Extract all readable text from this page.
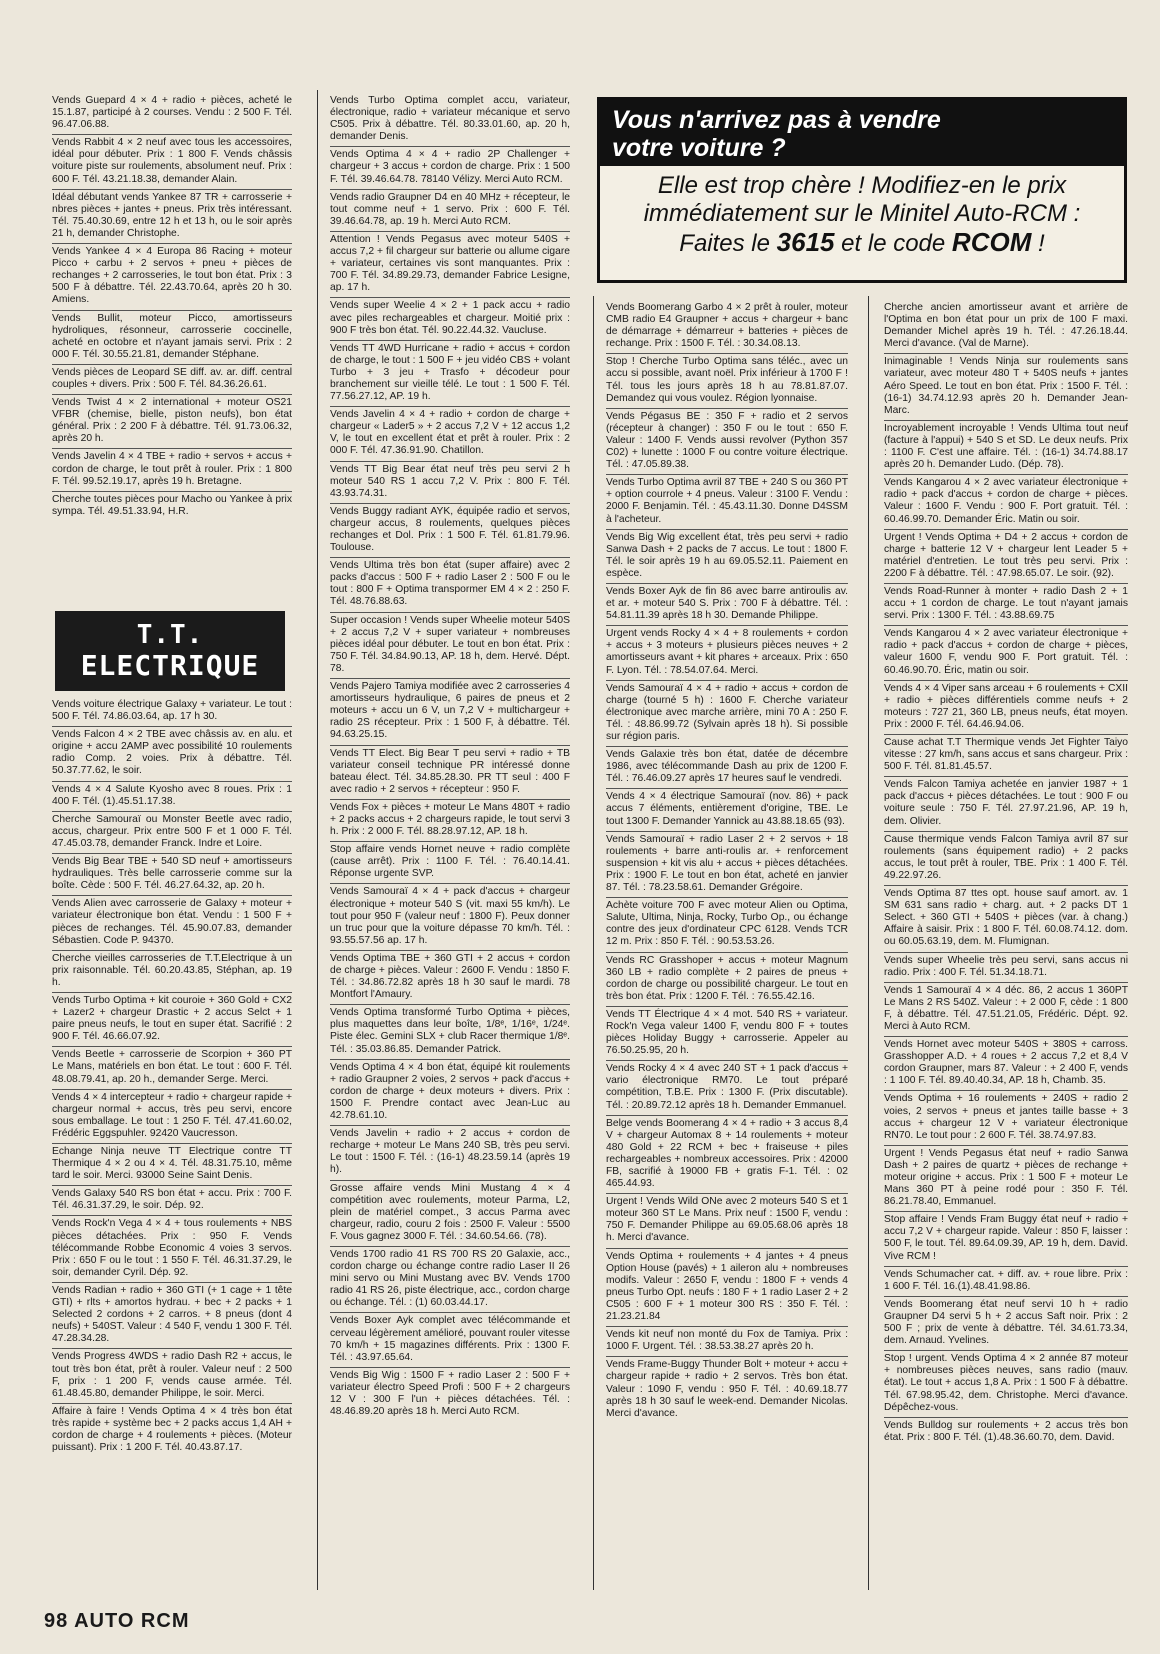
Vends Guepard 4 × 4 + radio + pièces, acheté le 15.1.87, participé à 2 courses. Vendu : 2 500 F. Tél. 96.47.06.88.

Vends Rabbit 4 × 2 neuf avec tous les accessoires, idéal pour débuter. Prix : 1 800 F. Vends châssis voiture piste sur roulements, absolument neuf. Prix : 600 F. Tél. 43.21.18.38, demander Alain.

Idéal débutant vends Yankee 87 TR + carrosserie + nbres pièces + jantes + pneus. Prix très intéressant. Tél. 75.40.30.69, entre 12 h et 13 h, ou le soir après 21 h, demander Christophe.

Vends Yankee 4 × 4 Europa 86 Racing + moteur Picco + carbu + 2 servos + pneu + pièces de rechanges + 2 carrosseries, le tout bon état. Prix : 3 500 F à débattre. Tél. 22.43.70.64, après 20 h 30. Amiens.

Vends Bullit, moteur Picco, amortisseurs hydroliques, résonneur, carrosserie coccinelle, acheté en octobre et n'ayant jamais servi. Prix : 2 000 F. Tél. 30.55.21.81, demander Stéphane.

Vends pièces de Leopard SE diff. av. ar. diff. central couples + divers. Prix : 500 F. Tél. 84.36.26.61.

Vends Twist 4 × 2 international + moteur OS21 VFBR (chemise, bielle, piston neufs), bon état général. Prix : 2 200 F à débattre. Tél. 91.73.06.32, après 20 h.

Vends Javelin 4 × 4 TBE + radio + servos + accus + cordon de charge, le tout prêt à rouler. Prix : 1 800 F. Tél. 99.52.19.17, après 19 h. Bretagne.

Cherche toutes pièces pour Macho ou Yankee à prix sympa. Tél. 49.51.33.94, H.R.

T.T.
ELECTRIQUE

Vends voiture électrique Galaxy + variateur. Le tout : 500 F. Tél. 74.86.03.64, ap. 17 h 30.

Vends Falcon 4 × 2 TBE avec châssis av. en alu. et origine + accu 2AMP avec possibilité 10 roulements radio Comp. 2 voies. Prix à débattre. Tél. 50.37.77.62, le soir.

Vends 4 × 4 Salute Kyosho avec 8 roues. Prix : 1 400 F. Tél. (1).45.51.17.38.

Cherche Samouraï ou Monster Beetle avec radio, accus, chargeur. Prix entre 500 F et 1 000 F. Tél. 47.45.03.78, demander Franck. Indre et Loire.

Vends Big Bear TBE + 540 SD neuf + amortisseurs hydrauliques. Très belle carrosserie comme sur la boîte. Cède : 500 F. Tél. 46.27.64.32, ap. 20 h.

Vends Alien avec carrosserie de Galaxy + moteur + variateur électronique bon état. Vendu : 1 500 F + pièces de rechanges. Tél. 45.90.07.83, demander Sébastien. Code P. 94370.

Cherche vieilles carrosseries de T.T.Electrique à un prix raisonnable. Tél. 60.20.43.85, Stéphan, ap. 19 h.

Vends Turbo Optima + kit couroie + 360 Gold + CX2 + Lazer2 + chargeur Drastic + 2 accus Selct + 1 paire pneus neufs, le tout en super état. Sacrifié : 2 900 F. Tél. 46.66.07.92.

Vends Beetle + carrosserie de Scorpion + 360 PT Le Mans, matériels en bon état. Le tout : 600 F. Tél. 48.08.79.41, ap. 20 h., demander Serge. Merci.

Vends 4 × 4 intercepteur + radio + chargeur rapide + chargeur normal + accus, très peu servi, encore sous emballage. Le tout : 1 250 F. Tél. 47.41.60.02, Frédéric Eggspuhler. 92420 Vaucresson.

Echange Ninja neuve TT Electrique contre TT Thermique 4 × 2 ou 4 × 4. Tél. 48.31.75.10, même tard le soir. Merci. 93000 Seine Saint Denis.

Vends Galaxy 540 RS bon état + accu. Prix : 700 F. Tél. 46.31.37.29, le soir. Dép. 92.

Vends Rock'n Vega 4 × 4 + tous roulements + NBS pièces détachées. Prix : 950 F. Vends télécommande Robbe Economic 4 voies 3 servos. Prix : 650 F ou le tout : 1 550 F. Tél. 46.31.37.29, le soir, demander Cyril. Dép. 92.

Vends Radian + radio + 360 GTI (+ 1 cage + 1 tête GTI) + rlts + amortos hydrau. + bec + 2 packs + 1 Selected 2 cordons + 2 carros. + 8 pneus (dont 4 neufs) + 540ST. Valeur : 4 540 F, vendu 1 300 F. Tél. 47.28.34.28.

Vends Progress 4WDS + radio Dash R2 + accus, le tout très bon état, prêt à rouler. Valeur neuf : 2 500 F, prix : 1 200 F, vends cause armée. Tél. 61.48.45.80, demander Philippe, le soir. Merci.

Affaire à faire ! Vends Optima 4 × 4 très bon état très rapide + système bec + 2 packs accus 1,4 AH + cordon de charge + 4 roulements + pièces. (Moteur puissant). Prix : 1 200 F. Tél. 40.43.87.17.

Vends Turbo Optima complet accu, variateur, électronique, radio + variateur mécanique et servo C505. Prix à débattre. Tél. 80.33.01.60, ap. 20 h, demander Denis.

Vends Optima 4 × 4 + radio 2P Challenger + chargeur + 3 accus + cordon de charge. Prix : 1 500 F. Tél. 39.46.64.78. 78140 Vélizy. Merci Auto RCM.

Vends radio Graupner D4 en 40 MHz + récepteur, le tout comme neuf + 1 servo. Prix : 600 F. Tél. 39.46.64.78, ap. 19 h. Merci Auto RCM.

Attention ! Vends Pegasus avec moteur 540S + accus 7,2 + fil chargeur sur batterie ou allume cigare + variateur, certaines vis sont manquantes. Prix : 700 F. Tél. 34.89.29.73, demander Fabrice Lesigne, ap. 17 h.

Vends super Weelie 4 × 2 + 1 pack accu + radio avec piles rechargeables et chargeur. Moitié prix : 900 F très bon état. Tél. 90.22.44.32. Vaucluse.

Vends TT 4WD Hurricane + radio + accus + cordon de charge, le tout : 1 500 F + jeu vidéo CBS + volant Turbo + 3 jeu + Trasfo + décodeur pour branchement sur vieille télé. Le tout : 1 500 F. Tél. 77.56.27.12, AP. 19 h.

Vends Javelin 4 × 4 + radio + cordon de charge + chargeur « Lader5 » + 2 accus 7,2 V + 12 accus 1,2 V, le tout en excellent état et prêt à rouler. Prix : 2 000 F. Tél. 47.36.91.90. Chatillon.

Vends TT Big Bear état neuf très peu servi 2 h moteur 540 RS 1 accu 7,2 V. Prix : 800 F. Tél. 43.93.74.31.

Vends Buggy radiant AYK, équipée radio et servos, chargeur accus, 8 roulements, quelques pièces rechanges et Dol. Prix : 1 500 F. Tél. 61.81.79.96. Toulouse.

Vends Ultima très bon état (super affaire) avec 2 packs d'accus : 500 F + radio Laser 2 : 500 F ou le tout : 800 F + Optima transpormer EM 4 × 2 : 250 F. Tél. 48.76.88.63.

Super occasion ! Vends super Wheelie moteur 540S + 2 accus 7,2 V + super variateur + nombreuses pièces idéal pour débuter. Le tout en bon état. Prix : 750 F. Tél. 34.84.90.13, AP. 18 h, dem. Hervé. Dépt. 78.

Vends Pajero Tamiya modifiée avec 2 carrosseries 4 amortisseurs hydraulique, 6 paires de pneus et 2 moteurs + accu un 6 V, un 7,2 V + multichargeur + radio 2S récepteur. Prix : 1 500 F, à débattre. Tél. 94.63.25.15.

Vends TT Elect. Big Bear T peu servi + radio + TB variateur conseil technique PR intéressé donne bateau élect. Tél. 34.85.28.30. PR TT seul : 400 F avec radio + 2 servos + récepteur : 950 F.

Vends Fox + pièces + moteur Le Mans 480T + radio + 2 packs accus + 2 chargeurs rapide, le tout servi 3 h. Prix : 2 000 F. Tél. 88.28.97.12, AP. 18 h.

Stop affaire vends Hornet neuve + radio complète (cause arrêt). Prix : 1100 F. Tél. : 76.40.14.41. Réponse urgente SVP.

Vends Samouraï 4 × 4 + pack d'accus + chargeur électronique + moteur 540 S (vit. maxi 55 km/h). Le tout pour 950 F (valeur neuf : 1800 F). Peux donner un truc pour que la voiture dépasse 70 km/h. Tél. : 93.55.57.56 ap. 17 h.

Vends Optima TBE + 360 GTI + 2 accus + cordon de charge + pièces. Valeur : 2600 F. Vendu : 1850 F. Tél. : 34.86.72.82 après 18 h 30 sauf le mardi. 78 Montfort l'Amaury.

Vends Optima transformé Turbo Optima + pièces, plus maquettes dans leur boîte, 1/8ᵉ, 1/16ᵉ, 1/24ᵉ. Piste élec. Gemini SLX + club Racer thermique 1/8ᵉ. Tél. : 35.03.86.85. Demander Patrick.

Vends Optima 4 × 4 bon état, équipé kit roulements + radio Graupner 2 voies, 2 servos + pack d'accus + cordon de charge + deux moteurs + divers. Prix : 1500 F. Prendre contact avec Jean-Luc au 42.78.61.10.

Vends Javelin + radio + 2 accus + cordon de recharge + moteur Le Mans 240 SB, très peu servi. Le tout : 1500 F. Tél. : (16-1) 48.23.59.14 (après 19 h).

Grosse affaire vends Mini Mustang 4 × 4 compétition avec roulements, moteur Parma, L2, plein de matériel compet., 3 accus Parma avec chargeur, radio, couru 2 fois : 2500 F. Valeur : 5500 F. Vous gagnez 3000 F. Tél. : 34.60.54.66. (78).

Vends 1700 radio 41 RS 700 RS 20 Galaxie, acc., cordon charge ou échange contre radio Laser II 26 mini servo ou Mini Mustang avec BV. Vends 1700 radio 41 RS 26, piste électrique, acc., cordon charge ou échange. Tél. : (1) 60.03.44.17.

Vends Boxer Ayk complet avec télécommande et cerveau légèrement amélioré, pouvant rouler vitesse 70 km/h + 15 magazines différents. Prix : 1300 F. Tél. : 43.97.65.64.

Vends Big Wig : 1500 F + radio Laser 2 : 500 F + variateur électro Speed Profi : 500 F + 2 chargeurs 12 V : 300 F l'un + pièces détachées. Tél. : 48.46.89.20 après 18 h. Merci Auto RCM.

Vous n'arrivez pas à vendre
votre voiture ?
Elle est trop chère ! Modifiez-en le prix
immédiatement sur le Minitel Auto-RCM :
Faites le 3615 et le code RCOM !

Vends Boomerang Garbo 4 × 2 prêt à rouler, moteur CMB radio E4 Graupner + accus + chargeur + banc de démarrage + démarreur + batteries + pièces de rechange. Prix : 1500 F. Tél. : 30.34.08.13.

Stop ! Cherche Turbo Optima sans téléc., avec un accu si possible, avant noël. Prix inférieur à 1700 F ! Tél. tous les jours après 18 h au 78.81.87.07. Demandez qui vous voulez. Région lyonnaise.

Vends Pégasus BE : 350 F + radio et 2 servos (récepteur à changer) : 350 F ou le tout : 650 F. Valeur : 1400 F. Vends aussi revolver (Python 357 C02) + lunette : 1000 F ou contre voiture électrique. Tél. : 47.05.89.38.

Vends Turbo Optima avril 87 TBE + 240 S ou 360 PT + option courrole + 4 pneus. Valeur : 3100 F. Vendu : 2000 F. Benjamin. Tél. : 45.43.11.30. Donne D4SSM à l'acheteur.

Vends Big Wig excellent état, très peu servi + radio Sanwa Dash + 2 packs de 7 accus. Le tout : 1800 F. Tél. le soir après 19 h au 69.05.52.11. Paiement en espèce.

Vends Boxer Ayk de fin 86 avec barre antiroulis av. et ar. + moteur 540 S. Prix : 700 F à débattre. Tél. : 54.81.11.39 après 18 h 30. Demande Philippe.

Urgent vends Rocky 4 × 4 + 8 roulements + cordon + accus + 3 moteurs + plusieurs pièces neuves + 2 amortisseurs avant + kit phares + arceaux. Prix : 650 F. Lyon. Tél. : 78.54.07.64. Merci.

Vends Samouraï 4 × 4 + radio + accus + cordon de charge (tourné 5 h) : 1600 F. Cherche variateur électronique avec marche arrière, mini 70 A : 250 F. Tél. : 48.86.99.72 (Sylvain après 18 h). Si possible sur région paris.

Vends Galaxie très bon état, datée de décembre 1986, avec télécommande Dash au prix de 1200 F. Tél. : 76.46.09.27 après 17 heures sauf le vendredi.

Vends 4 × 4 électrique Samouraï (nov. 86) + pack accus 7 éléments, entièrement d'origine, TBE. Le tout 1300 F. Demander Yannick au 43.88.18.65 (93).

Vends Samouraï + radio Laser 2 + 2 servos + 18 roulements + barre anti-roulis ar. + renforcement suspension + kit vis alu + accus + pièces détachées. Prix : 1900 F. Le tout en bon état, acheté en janvier 87. Tél. : 78.23.58.61. Demander Grégoire.

Achète voiture 700 F avec moteur Alien ou Optima, Salute, Ultima, Ninja, Rocky, Turbo Op., ou échange contre des jeux d'ordinateur CPC 6128. Vends TCR 12 m. Prix : 850 F. Tél. : 90.53.53.26.

Vends RC Grasshoper + accus + moteur Magnum 360 LB + radio complète + 2 paires de pneus + cordon de charge ou possibilité chargeur. Le tout en très bon état. Prix : 1200 F. Tél. : 76.55.42.16.

Vends TT Électrique 4 × 4 mot. 540 RS + variateur. Rock'n Vega valeur 1400 F, vendu 800 F + toutes pièces Holiday Buggy + carrosserie. Appeler au 76.50.25.95, 20 h.

Vends Rocky 4 × 4 avec 240 ST + 1 pack d'accus + vario électronique RM70. Le tout préparé compétition, T.B.E. Prix : 1300 F. (Prix discutable). Tél. : 20.89.72.12 après 18 h. Demander Emmanuel.

Belge vends Boomerang 4 × 4 + radio + 3 accus 8,4 V + chargeur Automax 8 + 14 roulements + moteur 480 Gold + 22 RCM + bec + fraiseuse + piles rechargeables + nombreux accessoires. Prix : 42000 FB, sacrifié à 19000 FB + gratis F-1. Tél. : 02 465.44.93.

Urgent ! Vends Wild ONe avec 2 moteurs 540 S et 1 moteur 360 ST Le Mans. Prix neuf : 1500 F, vendu : 750 F. Demander Philippe au 69.05.68.06 après 18 h. Merci d'avance.

Vends Optima + roulements + 4 jantes + 4 pneus Option House (pavés) + 1 aileron alu + nombreuses modifs. Valeur : 2650 F, vendu : 1800 F + vends 4 pneus Turbo Opt. neufs : 180 F + 1 radio Laser 2 + 2 C505 : 600 F + 1 moteur 300 RS : 350 F. Tél. : 21.23.21.84

Vends kit neuf non monté du Fox de Tamiya. Prix : 1000 F. Urgent. Tél. : 38.53.38.27 après 20 h.

Vends Frame-Buggy Thunder Bolt + moteur + accu + chargeur rapide + radio + 2 servos. Très bon état. Valeur : 1090 F, vendu : 950 F. Tél. : 40.69.18.77 après 18 h 30 sauf le week-end. Demander Nicolas. Merci d'avance.

Cherche ancien amortisseur avant et arrière de l'Optima en bon état pour un prix de 100 F maxi. Demander Michel après 19 h. Tél. : 47.26.18.44. Merci d'avance. (Val de Marne).

Inimaginable ! Vends Ninja sur roulements sans variateur, avec moteur 480 T + 540S neufs + jantes Aéro Speed. Le tout en bon état. Prix : 1500 F. Tél. : (16-1) 34.74.12.93 après 20 h. Demander Jean-Marc.

Incroyablement incroyable ! Vends Ultima tout neuf (facture à l'appui) + 540 S et SD. Le deux neufs. Prix : 1100 F. C'est une affaire. Tél. : (16-1) 34.74.88.17 après 20 h. Demander Ludo. (Dép. 78).

Vends Kangarou 4 × 2 avec variateur électronique + radio + pack d'accus + cordon de charge + pièces. Valeur : 1600 F. Vendu : 900 F. Port gratuit. Tél. : 60.46.99.70. Demander Éric. Matin ou soir.

Urgent ! Vends Optima + D4 + 2 accus + cordon de charge + batterie 12 V + chargeur lent Leader 5 + matériel d'entretien. Le tout très peu servi. Prix : 2200 F à débattre. Tél. : 47.98.65.07. Le soir. (92).

Vends Road-Runner à monter + radio Dash 2 + 1 accu + 1 cordon de charge. Le tout n'ayant jamais servi. Prix : 1300 F. Tél. : 43.88.69.75

Vends Kangarou 4 × 2 avec variateur électronique + radio + pack d'accus + cordon de charge + pièces, valeur 1600 F, vendu 900 F. Port gratuit. Tél. : 60.46.90.70. Éric, matin ou soir.

Vends 4 × 4 Viper sans arceau + 6 roulements + CXII + radio + pièces différentiels comme neufs + 2 moteurs : 727 21, 360 LB, pneus neufs, état moyen. Prix : 2000 F. Tél. 64.46.94.06.

Cause achat T.T Thermique vends Jet Fighter Taiyo vitesse : 27 km/h, sans accus et sans chargeur. Prix : 500 F. Tél. 81.81.45.57.

Vends Falcon Tamiya achetée en janvier 1987 + 1 pack d'accus + pièces détachées. Le tout : 900 F ou voiture seule : 750 F. Tél. 27.97.21.96, AP. 19 h, dem. Olivier.

Cause thermique vends Falcon Tamiya avril 87 sur roulements (sans équipement radio) + 2 packs accus, le tout prêt à rouler, TBE. Prix : 1 400 F. Tél. 49.22.97.26.

Vends Optima 87 ttes opt. house sauf amort. av. 1 SM 631 sans radio + charg. aut. + 2 packs DT 1 Select. + 360 GTI + 540S + pièces (var. à chang.) Affaire à saisir. Prix : 1 800 F. Tél. 60.08.74.12. dom. ou 60.05.63.19, dem. M. Flumignan.

Vends super Wheelie très peu servi, sans accus ni radio. Prix : 400 F. Tél. 51.34.18.71.

Vends 1 Samouraï 4 × 4 déc. 86, 2 accus 1 360PT Le Mans 2 RS 540Z. Valeur : + 2 000 F, cède : 1 800 F, à débattre. Tél. 47.51.21.05, Frédéric. Dépt. 92. Merci à Auto RCM.

Vends Hornet avec moteur 540S + 380S + carross. Grasshopper A.D. + 4 roues + 2 accus 7,2 et 8,4 V cordon Graupner, mars 87. Valeur : + 2 400 F, vends : 1 100 F. Tél. 89.40.40.34, AP. 18 h, Chamb. 35.

Vends Optima + 16 roulements + 240S + radio 2 voies, 2 servos + pneus et jantes taille basse + 3 accus + chargeur 12 V + variateur électronique RN70. Le tout pour : 2 600 F. Tél. 38.74.97.83.

Urgent ! Vends Pegasus état neuf + radio Sanwa Dash + 2 paires de quartz + pièces de rechange + moteur origine + accus. Prix : 1 500 F + moteur Le Mans 360 PT à peine rodé pour : 350 F. Tél. 86.21.78.40, Emmanuel.

Stop affaire ! Vends Fram Buggy état neuf + radio + accu 7,2 V + chargeur rapide. Valeur : 850 F, laisser : 500 F, le tout. Tél. 89.64.09.39, AP. 19 h, dem. David. Vive RCM !

Vends Schumacher cat. + diff. av. + roue libre. Prix : 1 600 F. Tél. 16.(1).48.41.98.86.

Vends Boomerang état neuf servi 10 h + radio Graupner D4 servi 5 h + 2 accus Saft noir. Prix : 2 500 F ; prix de vente à débattre. Tél. 34.61.73.34, dem. Arnaud. Yvelines.

Stop ! urgent. Vends Optima 4 × 2 année 87 moteur + nombreuses pièces neuves, sans radio (mauv. état). Le tout + accus 1,8 A. Prix : 1 500 F à débattre. Tél. 67.98.95.42, dem. Christophe. Merci d'avance. Dépêchez-vous.

Vends Bulldog sur roulements + 2 accus très bon état. Prix : 800 F. Tél. (1).48.36.60.70, dem. David.

98 AUTO RCM
